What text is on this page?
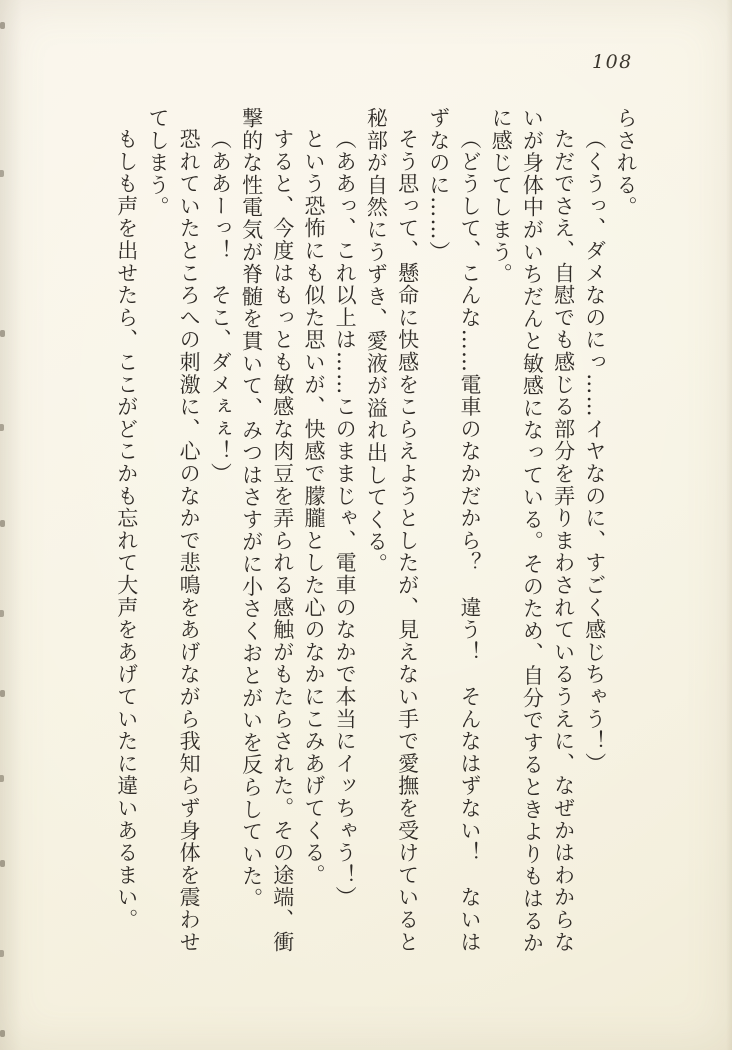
108

らされる。

（くうっ、ダメなのにっ……イヤなのに、すごく感じちゃう！）

ただでさえ、自慰でも感じる部分を弄りまわされているうえに、なぜかはわからないが身体中がいちだんと敏感になっている。そのため、自分でするときよりもはるかに感じてしまう。

（どうして、こんな……電車のなかだから？　違う！　そんなはずない！　ないはずなのに……）

そう思って、懸命に快感をこらえようとしたが、見えない手で愛撫を受けていると秘部が自然にうずき、愛液が溢れ出してくる。

（ああっ、これ以上は……このままじゃ、電車のなかで本当にイッちゃう！）

という恐怖にも似た思いが、快感で朦朧とした心のなかにこみあげてくる。

すると、今度はもっとも敏感な肉豆を弄られる感触がもたらされた。その途端、衝撃的な性電気が脊髄を貫いて、みつはさすがに小さくおとがいを反らしていた。

（ああーっ！　そこ、ダメぇぇ！）

恐れていたところへの刺激に、心のなかで悲鳴をあげながら我知らず身体を震わせてしまう。

もしも声を出せたら、ここがどこかも忘れて大声をあげていたに違いあるまい。
